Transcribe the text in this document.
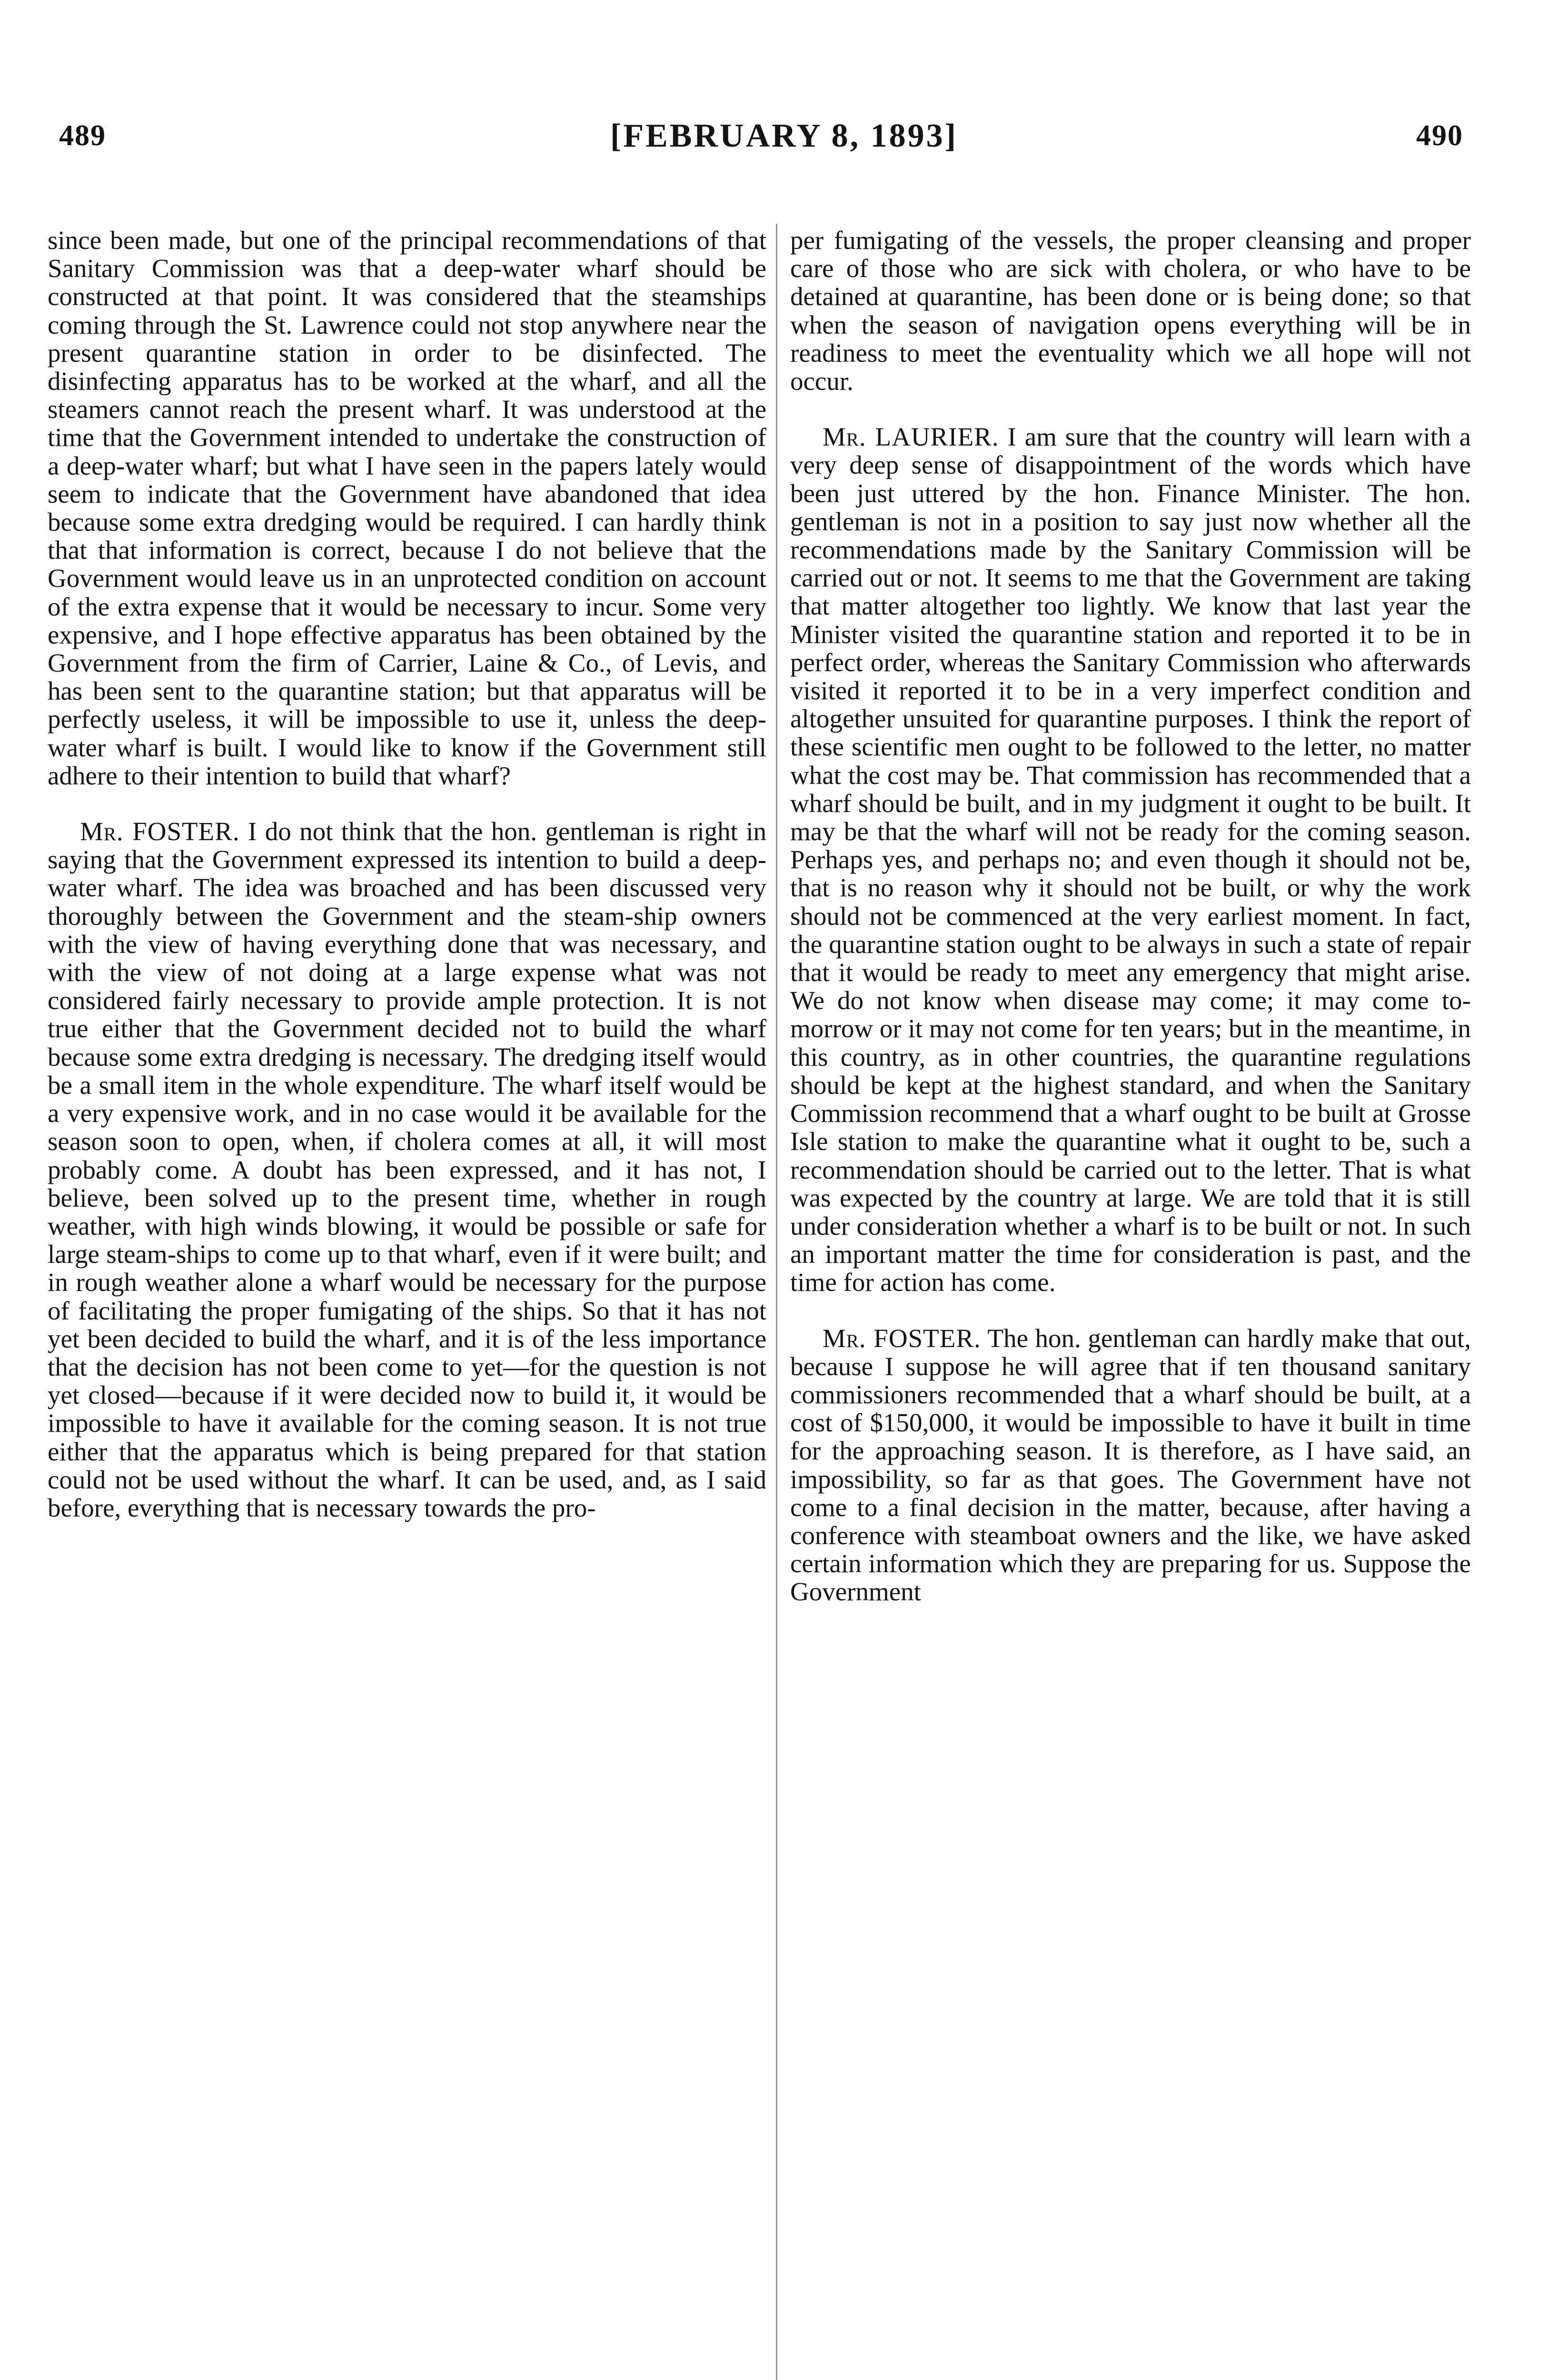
489	[FEBRUARY 8, 1893]	490

since been made, but one of the principal recommendations of that Sanitary Commission was that a deep-water wharf should be constructed at that point. It was considered that the steamships coming through the St. Lawrence could not stop anywhere near the present quarantine station in order to be disinfected. The disinfecting apparatus has to be worked at the wharf, and all the steamers cannot reach the present wharf. It was understood at the time that the Government intended to undertake the construction of a deep-water wharf; but what I have seen in the papers lately would seem to indicate that the Government have abandoned that idea because some extra dredging would be required. I can hardly think that that information is correct, because I do not believe that the Government would leave us in an unprotected condition on account of the extra expense that it would be necessary to incur. Some very expensive, and I hope effective apparatus has been obtained by the Government from the firm of Carrier, Laine & Co., of Levis, and has been sent to the quarantine station; but that apparatus will be perfectly useless, it will be impossible to use it, unless the deep-water wharf is built. I would like to know if the Government still adhere to their intention to build that wharf?

Mr. FOSTER. I do not think that the hon. gentleman is right in saying that the Government expressed its intention to build a deep-water wharf. The idea was broached and has been discussed very thoroughly between the Government and the steam-ship owners with the view of having everything done that was necessary, and with the view of not doing at a large expense what was not considered fairly necessary to provide ample protection. It is not true either that the Government decided not to build the wharf because some extra dredging is necessary. The dredging itself would be a small item in the whole expenditure. The wharf itself would be a very expensive work, and in no case would it be available for the season soon to open, when, if cholera comes at all, it will most probably come. A doubt has been expressed, and it has not, I believe, been solved up to the present time, whether in rough weather, with high winds blowing, it would be possible or safe for large steam-ships to come up to that wharf, even if it were built; and in rough weather alone a wharf would be necessary for the purpose of facilitating the proper fumigating of the ships. So that it has not yet been decided to build the wharf, and it is of the less importance that the decision has not been come to yet—for the question is not yet closed—because if it were decided now to build it, it would be impossible to have it available for the coming season. It is not true either that the apparatus which is being prepared for that station could not be used without the wharf. It can be used, and, as I said before, everything that is necessary towards the pro-

per fumigating of the vessels, the proper cleansing and proper care of those who are sick with cholera, or who have to be detained at quarantine, has been done or is being done; so that when the season of navigation opens everything will be in readiness to meet the eventuality which we all hope will not occur.

Mr. LAURIER. I am sure that the country will learn with a very deep sense of disappointment of the words which have been just uttered by the hon. Finance Minister. The hon. gentleman is not in a position to say just now whether all the recommendations made by the Sanitary Commission will be carried out or not. It seems to me that the Government are taking that matter altogether too lightly. We know that last year the Minister visited the quarantine station and reported it to be in perfect order, whereas the Sanitary Commission who afterwards visited it reported it to be in a very imperfect condition and altogether unsuited for quarantine purposes. I think the report of these scientific men ought to be followed to the letter, no matter what the cost may be. That commission has recommended that a wharf should be built, and in my judgment it ought to be built. It may be that the wharf will not be ready for the coming season. Perhaps yes, and perhaps no; and even though it should not be, that is no reason why it should not be built, or why the work should not be commenced at the very earliest moment. In fact, the quarantine station ought to be always in such a state of repair that it would be ready to meet any emergency that might arise. We do not know when disease may come; it may come to-morrow or it may not come for ten years; but in the meantime, in this country, as in other countries, the quarantine regulations should be kept at the highest standard, and when the Sanitary Commission recommend that a wharf ought to be built at Grosse Isle station to make the quarantine what it ought to be, such a recommendation should be carried out to the letter. That is what was expected by the country at large. We are told that it is still under consideration whether a wharf is to be built or not. In such an important matter the time for consideration is past, and the time for action has come.

Mr. FOSTER. The hon. gentleman can hardly make that out, because I suppose he will agree that if ten thousand sanitary commissioners recommended that a wharf should be built, at a cost of $150,000, it would be impossible to have it built in time for the approaching season. It is therefore, as I have said, an impossibility, so far as that goes. The Government have not come to a final decision in the matter, because, after having a conference with steamboat owners and the like, we have asked certain information which they are preparing for us. Suppose the Government
